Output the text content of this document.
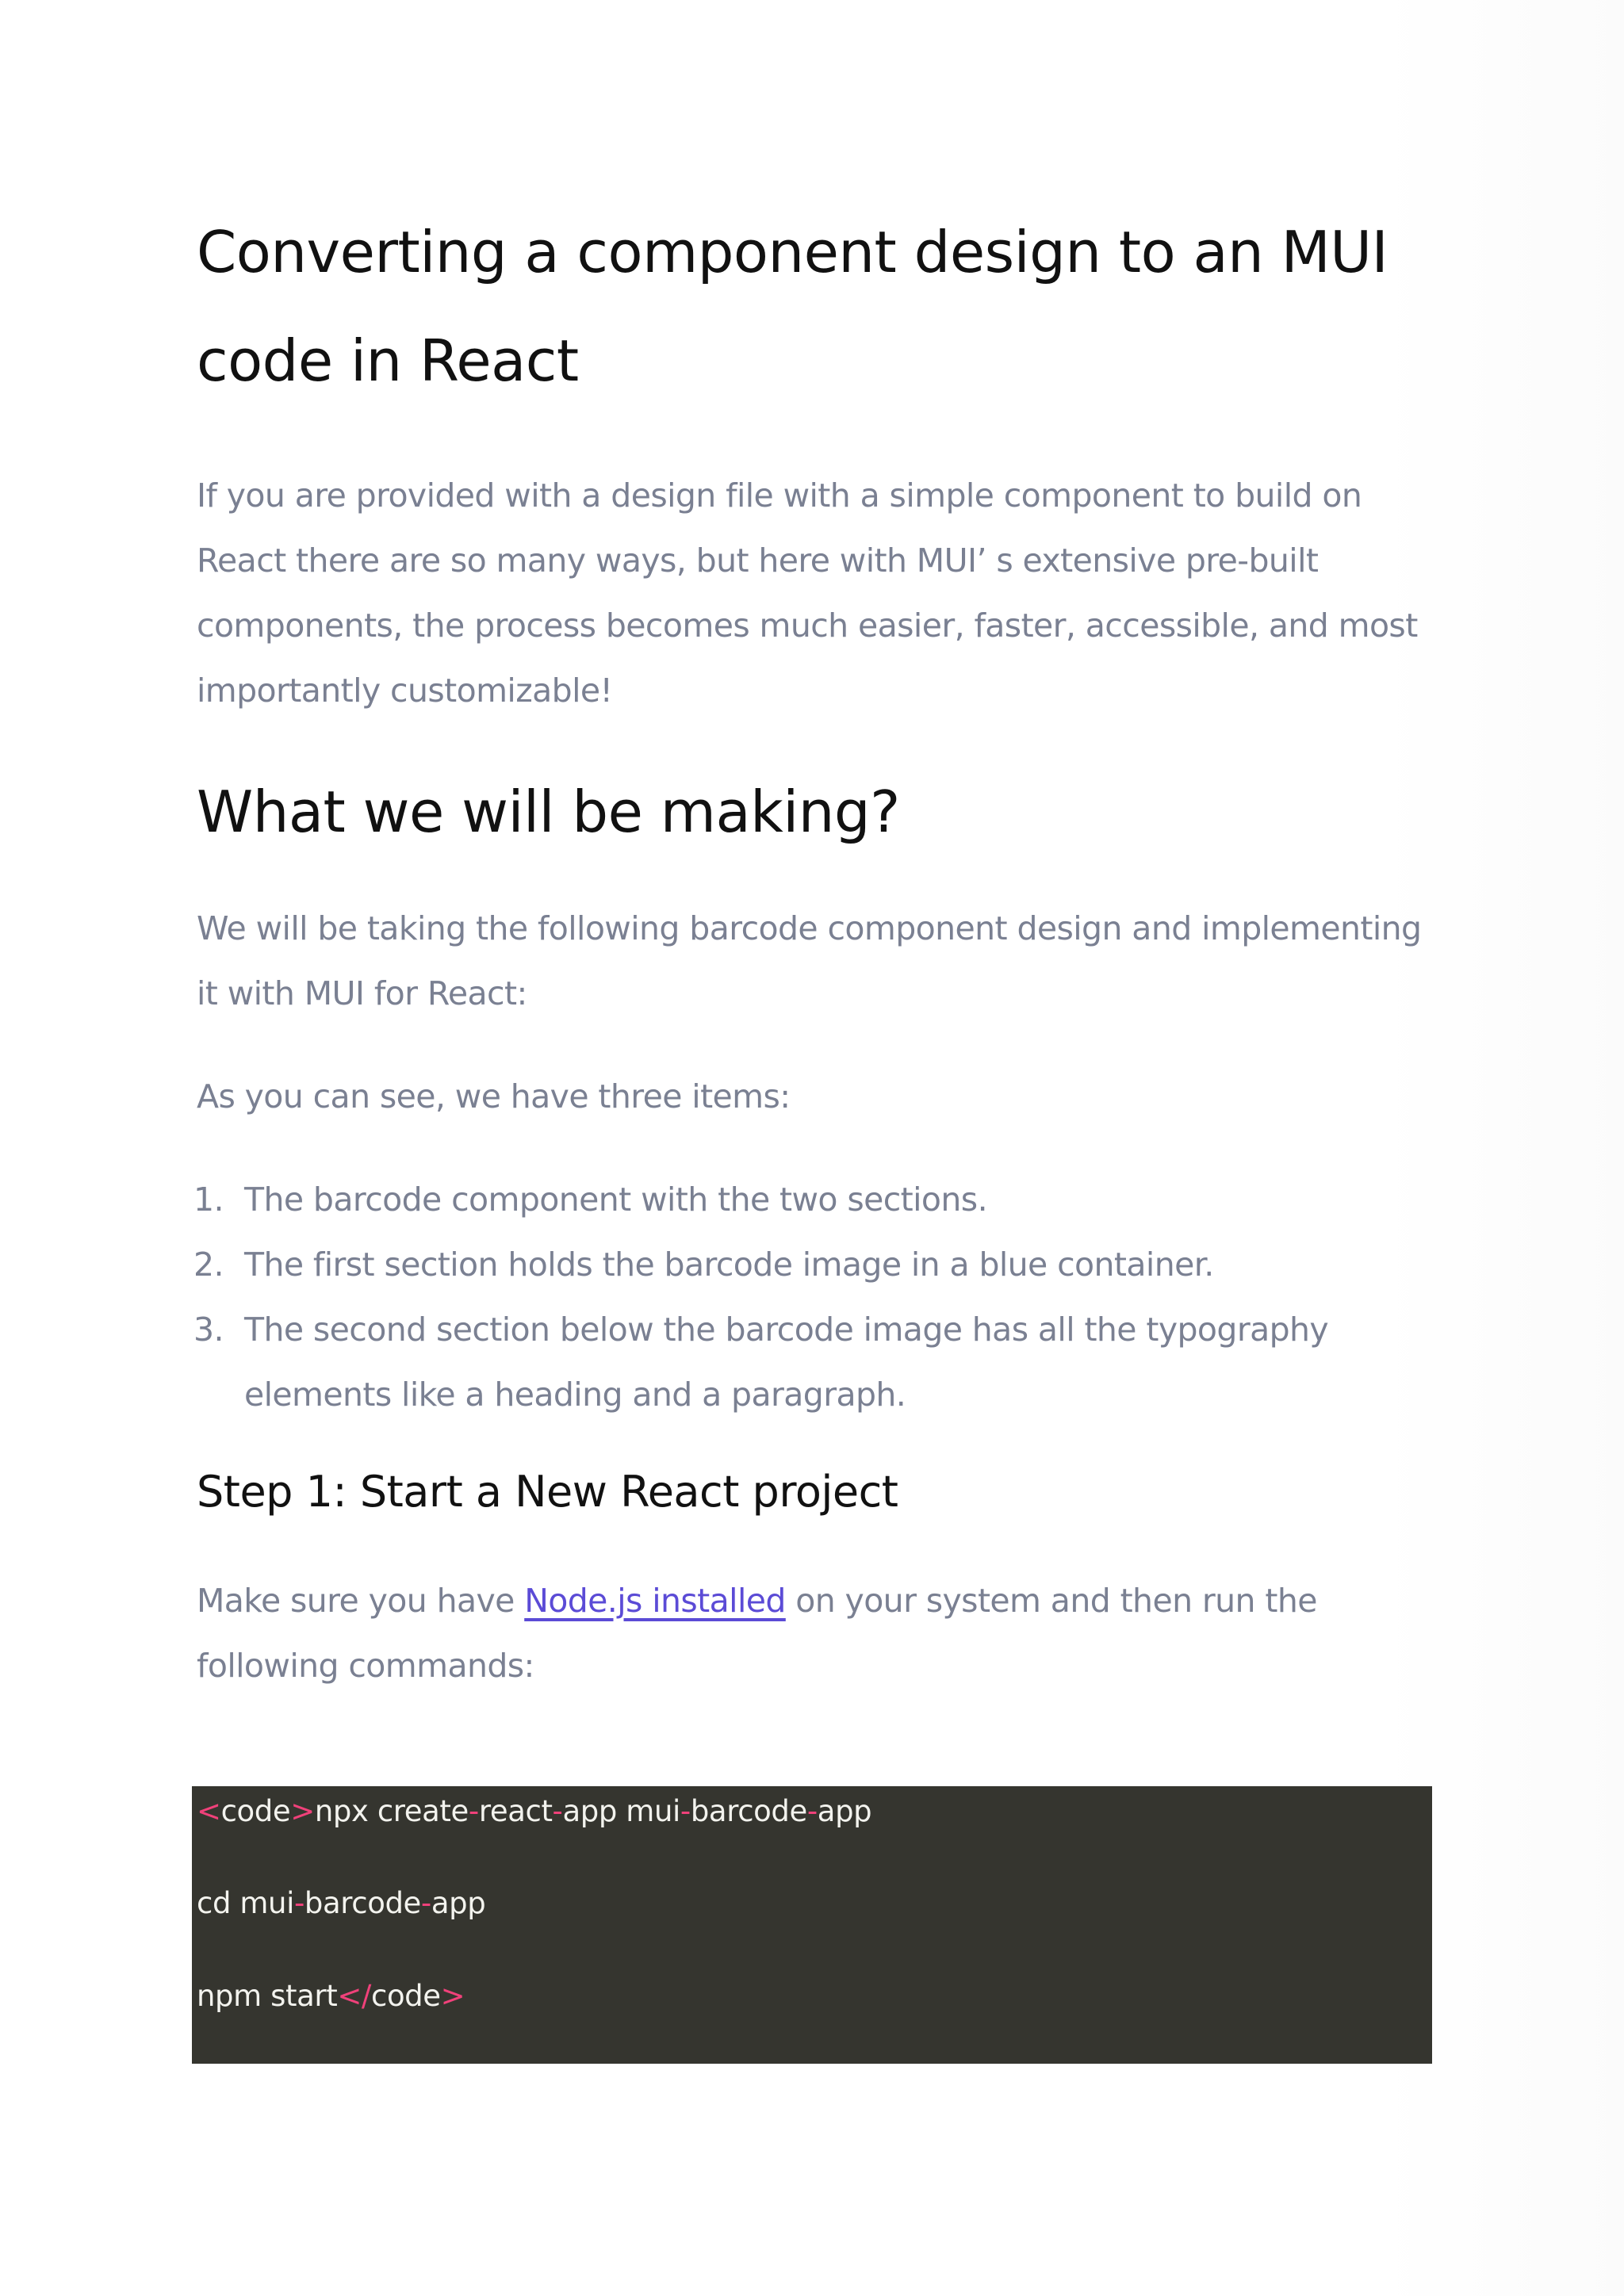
Converting a component design to an MUI code in React

If you are provided with a design file with a simple component to build on React there are so many ways, but here with MUI’ s extensive pre-built components, the process becomes much easier, faster, accessible, and most importantly customizable!

What we will be making?

We will be taking the following barcode component design and implementing it with MUI for React:

As you can see, we have three items:

1. The barcode component with the two sections.
2. The first section holds the barcode image in a blue container.
3. The second section below the barcode image has all the typography elements like a heading and a paragraph.
Step 1: Start a New React project

Make sure you have Node.js installed on your system and then run the following commands:

<code>npx create-react-app mui-barcode-app
cd mui-barcode-app
npm start</code>
